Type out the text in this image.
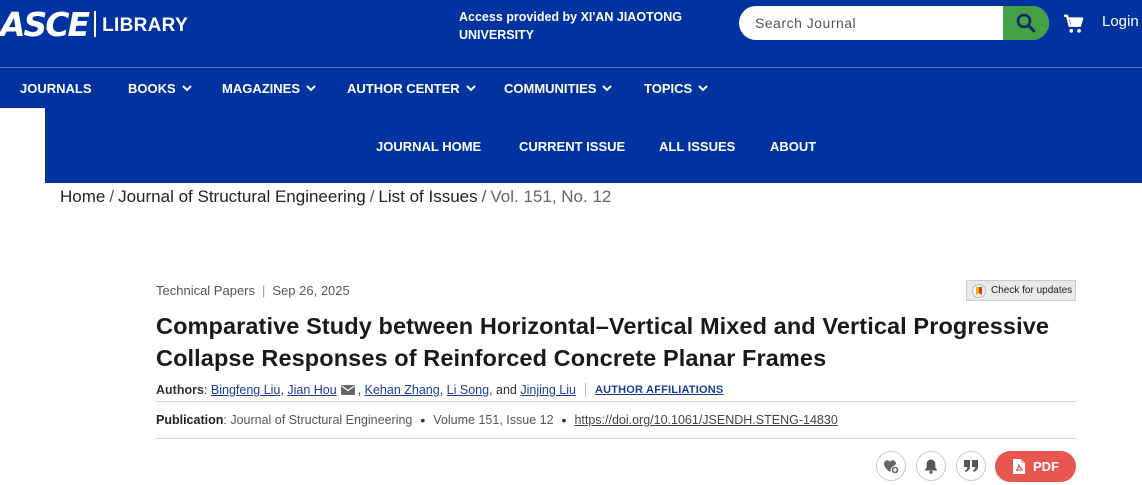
ASCE LIBRARY	Access provided by XI'AN JIAOTONG UNIVERSITY
Search Journal
Login
JOURNALS	BOOKS	MAGAZINES	AUTHOR CENTER	COMMUNITIES	TOPICS
JOURNAL HOME	CURRENT ISSUE	ALL ISSUES	ABOUT
Home / Journal of Structural Engineering / List of Issues / Vol. 151, No. 12
Technical Papers | Sep 26, 2025	Check for updates
Comparative Study between Horizontal–Vertical Mixed and Vertical Progressive Collapse Responses of Reinforced Concrete Planar Frames
Authors : Bingfeng Liu , Jian Hou , Kehan Zhang , Li Song , and
Jinjing Liu AUTHOR AFFILIATIONS
Publication : Journal of Structural Engineering • Volume 151, Issue 12 • https://doi.org/10.1061/JSENDH.STENG-14830
PDF
